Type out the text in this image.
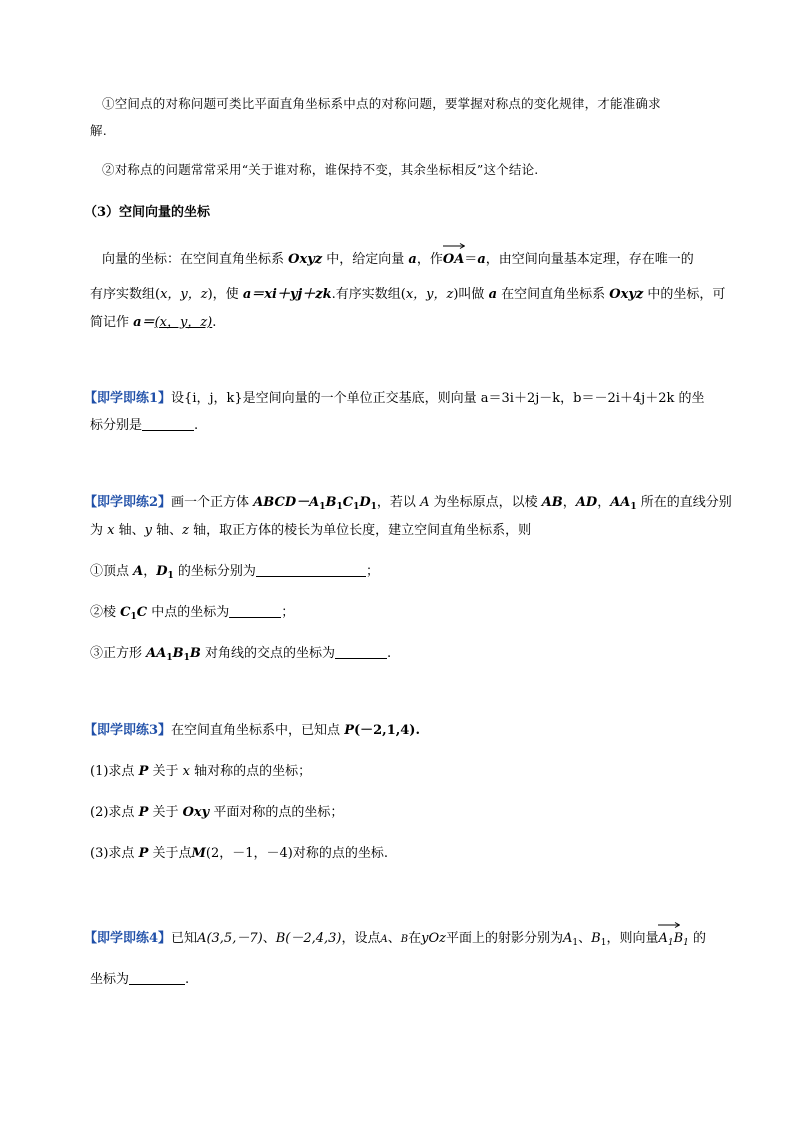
①空间点的对称问题可类比平面直角坐标系中点的对称问题，要掌握对称点的变化规律，才能准确求
解.
②对称点的问题常常采用“关于谁对称，谁保持不变，其余坐标相反”这个结论.
（3）空间向量的坐标
向量的坐标：在空间直角坐标系 Oxyz 中，给定向量 a，作
OA＝a，由空间向量基本定理，存在唯一的
有序实数组(x，y，z)，使 a＝xi＋yj＋zk.有序实数组(x，y，z)叫做 a 在空间直角坐标系 Oxyz 中的坐标，可
简记作 a＝(x，y，z).
【即学即练1】设{i，j，k}是空间向量的一个单位正交基底，则向量 a＝3i＋2j－k，b＝－2i＋4j＋2k 的坐
标分别是	.
【即学即练2】画一个正方体 $ABCD-A_1B_1C_1D_1$，若以 A 为坐标原点，以棱 AB，AD，$AA_1$ 所在的直线分别
为 x 轴、y 轴、z 轴，取正方体的棱长为单位长度，建立空间直角坐标系，则
①顶点 A，$D_1$ 的坐标分别为	；
②棱 $C_1C$ 中点的坐标为	；
③正方形 $AA_1B_1B$ 对角线的交点的坐标为	.
【即学即练3】在空间直角坐标系中，已知点 P(－2,1,4).
(1)求点 P 关于 x 轴对称的点的坐标；
(2)求点 P 关于 Oxy 平面对称的点的坐标；
(3)求点 P 关于点M(2，－1，－4)对称的点的坐标.
【即学即练4】已知A(3,5,－7)、B(－2,4,3)，设点A、B在yOz平面上的射影分别为$A_1$、$B_1$，则向量
$A_1B_1$ 的
坐标为	.
